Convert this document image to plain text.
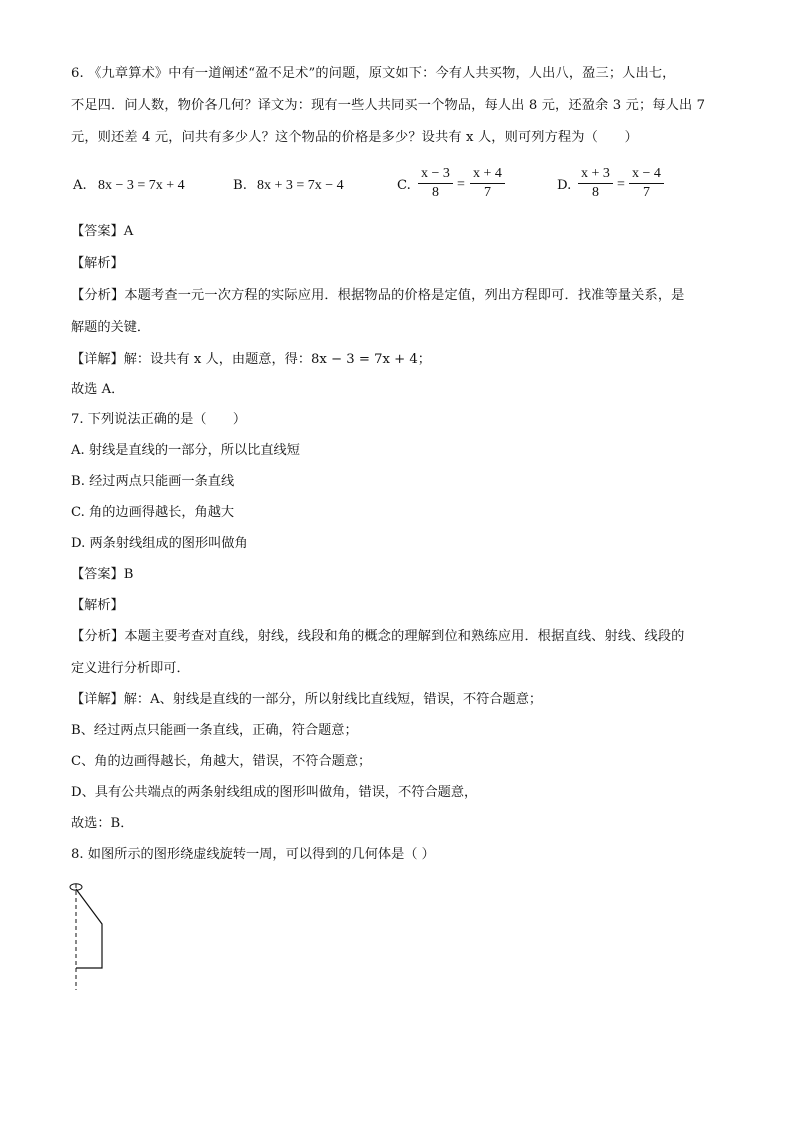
6. 《九章算术》中有一道阐述“盈不足术”的问题，原文如下：今有人共买物，人出八，盈三；人出七，
不足四．问人数，物价各几何？译文为：现有一些人共同买一个物品，每人出 8 元，还盈余 3 元；每人出 7
元，则还差 4 元，问共有多少人？这个物品的价格是多少？设共有 x 人，则可列方程为（　　）
A. 8x − 3 = 7x + 4	B. 8x + 3 = 7x − 4	C. $\frac{x - 3}{8} = \frac{x + 4}{7}$	D. $\frac{x + 3}{8} = \frac{x - 4}{7}$
【答案】A
【解析】
【分析】本题考查一元一次方程的实际应用．根据物品的价格是定值，列出方程即可．找准等量关系，是
解题的关键．
【详解】解：设共有 x 人，由题意，得：8x − 3 = 7x + 4；
故选 A．
7. 下列说法正确的是（　　）
A. 射线是直线的一部分，所以比直线短
B. 经过两点只能画一条直线
C. 角的边画得越长，角越大
D. 两条射线组成的图形叫做角
【答案】B
【解析】
【分析】本题主要考查对直线，射线，线段和角的概念的理解到位和熟练应用．根据直线、射线、线段的
定义进行分析即可．
【详解】解：A、射线是直线的一部分，所以射线比直线短，错误，不符合题意；
B、经过两点只能画一条直线，正确，符合题意；
C、角的边画得越长，角越大，错误，不符合题意；
D、具有公共端点的两条射线组成的图形叫做角，错误，不符合题意，
故选：B．
8. 如图所示的图形绕虚线旋转一周，可以得到的几何体是（ ）
